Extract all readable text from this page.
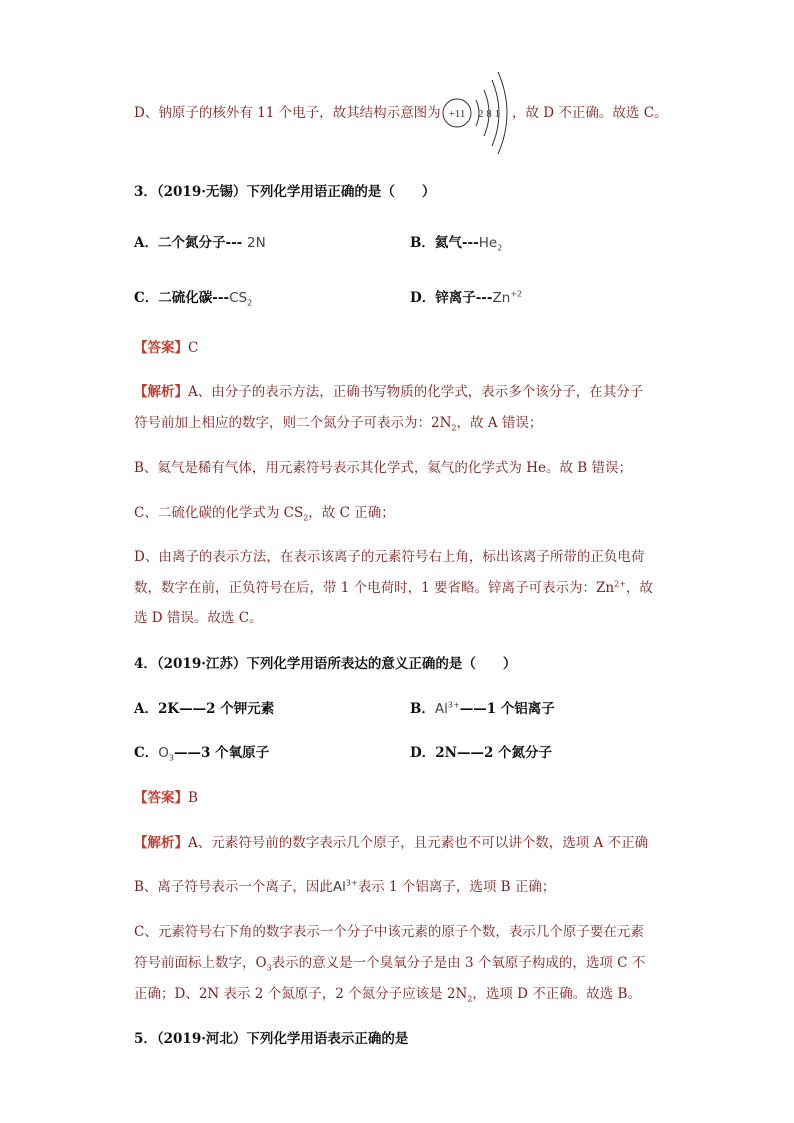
D、钠原子的核外有 11 个电子，故其结构示意图为 +11 2 8 1 ，故 D 不正确。故选 C。
3．（2019·无锡）下列化学用语正确的是（　　）
A．二个氮分子--- 2N	B．氦气$---He_2$
C．二硫化碳$---CS_2$	D．锌离子$---Zn^{+2}$
【答案】C
【解析】A、由分子的表示方法，正确书写物质的化学式，表示多个该分子，在其分子
符号前加上相应的数字，则二个氮分子可表示为：$2N_2$，故 A 错误；
B、氦气是稀有气体，用元素符号表示其化学式，氦气的化学式为 He。故 B 错误；
C、二硫化碳的化学式为 $CS_2$，故 C 正确；
D、由离子的表示方法，在表示该离子的元素符号右上角，标出该离子所带的正负电荷
数，数字在前，正负符号在后，带 1 个电荷时，1 要省略。锌离子可表示为：$Zn^{2+}$，故
选 D 错误。故选 C。
4．（2019·江苏）下列化学用语所表达的意义正确的是（　　）
A．2K——2 个钾元素	B．$Al^{3+}——1$ 个铝离子
C．$O_3——3$ 个氧原子	D．2N——2 个氮分子
【答案】B
【解析】A、元素符号前的数字表示几个原子，且元素也不可以讲个数，选项 A 不正确
B、离子符号表示一个离子，因此$Al^{3+}$表示 1 个铝离子，选项 B 正确；
C、元素符号右下角的数字表示一个分子中该元素的原子个数，表示几个原子要在元素
符号前面标上数字，$O_3$表示的意义是一个臭氧分子是由 3 个氧原子构成的，选项 C 不
正确；D、2N 表示 2 个氮原子，2 个氮分子应该是 $2N_2$，选项 D 不正确。故选 B。
5．（2019·河北）下列化学用语表示正确的是
